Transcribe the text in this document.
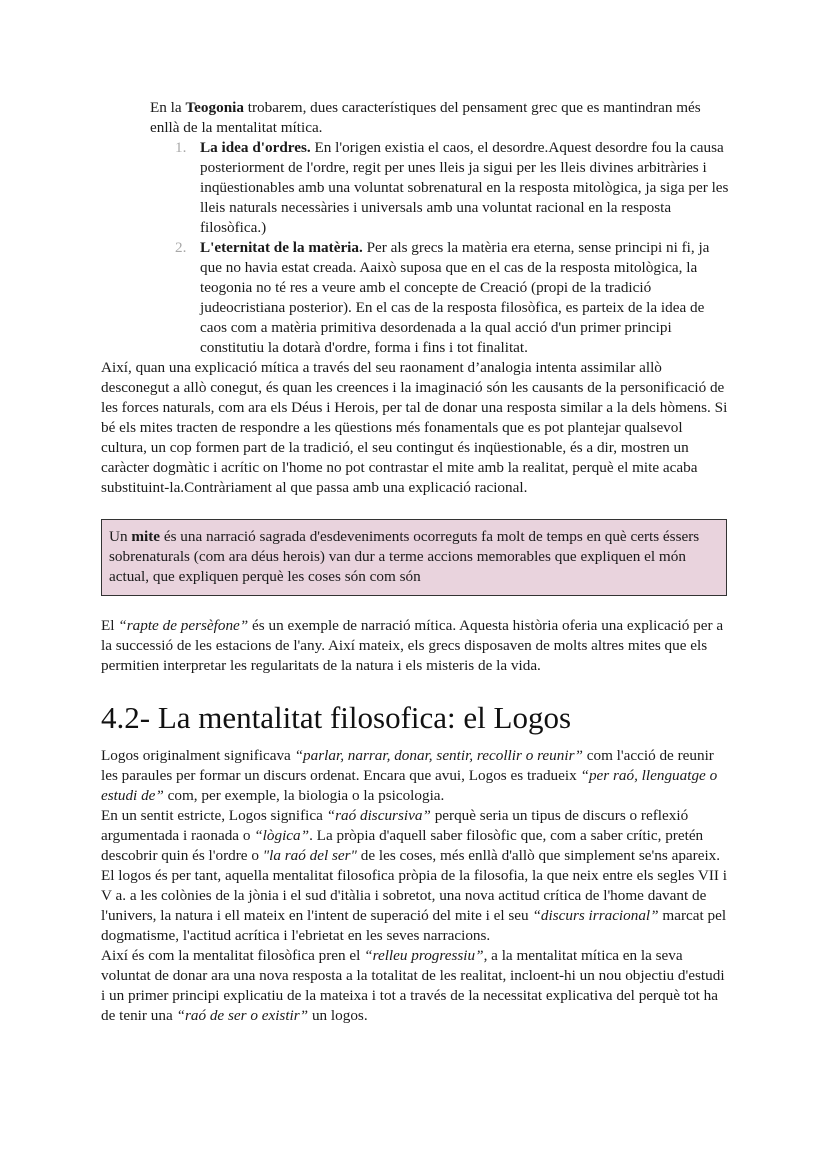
En la Teogonia trobarem, dues característiques del pensament grec que es mantindran més enllà de la mentalitat mítica.

1. La idea d'ordres. En l'origen existia el caos, el desordre.Aquest desordre fou la causa posteriorment de l'ordre, regit per unes lleis ja sigui per les lleis divines arbitràries i inqüestionables amb una voluntat sobrenatural en la resposta mitològica, ja siga per les lleis naturals necessàries i universals amb una voluntat racional en la resposta filosòfica.)
2. L'eternitat de la matèria. Per als grecs la matèria era eterna, sense principi ni fi, ja que no havia estat creada. Aaixò suposa que en el cas de la resposta mitològica, la teogonia no té res a veure amb el concepte de Creació (propi de la tradició judeocristiana posterior). En el cas de la resposta filosòfica, es parteix de la idea de caos com a matèria primitiva desordenada a la qual acció d'un primer principi constitutiu la dotarà d'ordre, forma i fins i tot finalitat.

Així, quan una explicació mítica a través del seu raonament d’analogia intenta assimilar allò desconegut a allò conegut, és quan les creences i la imaginació són les causants de la personificació de les forces naturals, com ara els Déus i Herois, per tal de donar una resposta similar a la dels hòmens. Si bé els mites tracten de respondre a les qüestions més fonamentals que es pot plantejar qualsevol cultura, un cop formen part de la tradició, el seu contingut és inqüestionable, és a dir, mostren un caràcter dogmàtic i acrític on l'home no pot contrastar el mite amb la realitat, perquè el mite acaba substituint-la.Contràriament al que passa amb una explicació racional.

Un mite és una narració sagrada d'esdeveniments ocorreguts fa molt de temps en què certs éssers sobrenaturals (com ara déus herois) van dur a terme accions memorables que expliquen el món actual, que expliquen perquè les coses són com són

El “rapte de persèfone” és un exemple de narració mítica. Aquesta història oferia una explicació per a la successió de les estacions de l'any. Així mateix, els grecs disposaven de molts altres mites que els permitien interpretar les regularitats de la natura i els misteris de la vida.

4.2- La mentalitat filosofica: el Logos

Logos originalment significava “parlar, narrar, donar, sentir, recollir o reunir” com l'acció de reunir les paraules per formar un discurs ordenat. Encara que avui, Logos es tradueix “per raó, llenguatge o estudi de” com, per exemple, la biologia o la psicologia.

En un sentit estricte, Logos significa “raó discursiva” perquè seria un tipus de discurs o reflexió argumentada i raonada o “lògica”. La pròpia d'aquell saber filosòfic que, com a saber crític, pretén descobrir quin és l'ordre o "la raó del ser" de les coses, més enllà d'allò que simplement se'ns apareix.

El logos és per tant, aquella mentalitat filosofica pròpia de la filosofia, la que neix entre els segles VII i V a. a les colònies de la jònia i el sud d'itàlia i sobretot, una nova actitud crítica de l'home davant de l'univers, la natura i ell mateix en l'intent de superació del mite i el seu “discurs irracional” marcat pel dogmatisme, l'actitud acrítica i l'ebrietat en les seves narracions.

Així és com la mentalitat filosòfica pren el “relleu progressiu”, a la mentalitat mítica en la seva voluntat de donar ara una nova resposta a la totalitat de les realitat, incloent-hi un nou objectiu d'estudi i un primer principi explicatiu de la mateixa i tot a través de la necessitat explicativa del perquè tot ha de tenir una “raó de ser o existir” un logos.
